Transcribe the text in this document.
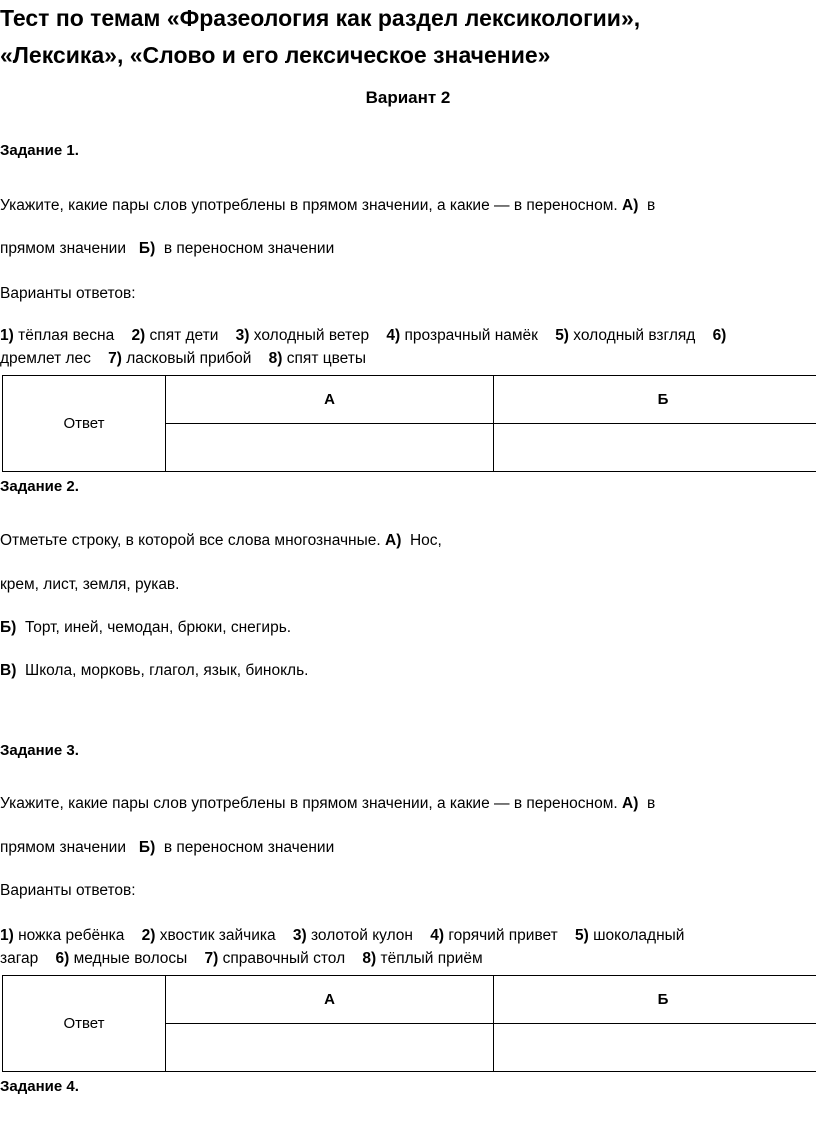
Тест по темам «Фразеология как раздел лексикологии»,
«Лексика», «Слово и его лексическое значение»
Вариант 2
Задание 1.
Укажите, какие пары слов употреблены в прямом значении, а какие — в переносном. А) в
прямом значении Б) в переносном значении
Варианты ответов:
1) тёплая весна 2) спят дети 3) холодный ветер 4) прозрачный намёк 5) холодный взгляд 6)
дремлет лес 7) ласковый прибой 8) спят цветы
Ответ	А	Б

Задание 2.
Отметьте строку, в которой все слова многозначные. А) Нос,
крем, лист, земля, рукав.
Б) Торт, иней, чемодан, брюки, снегирь.
В) Школа, морковь, глагол, язык, бинокль.
Задание 3.
Укажите, какие пары слов употреблены в прямом значении, а какие — в переносном. А) в
прямом значении Б) в переносном значении
Варианты ответов:
1) ножка ребёнка 2) хвостик зайчика 3) золотой кулон 4) горячий привет 5) шоколадный
загар 6) медные волосы 7) справочный стол 8) тёплый приём
Ответ	А	Б

Задание 4.
